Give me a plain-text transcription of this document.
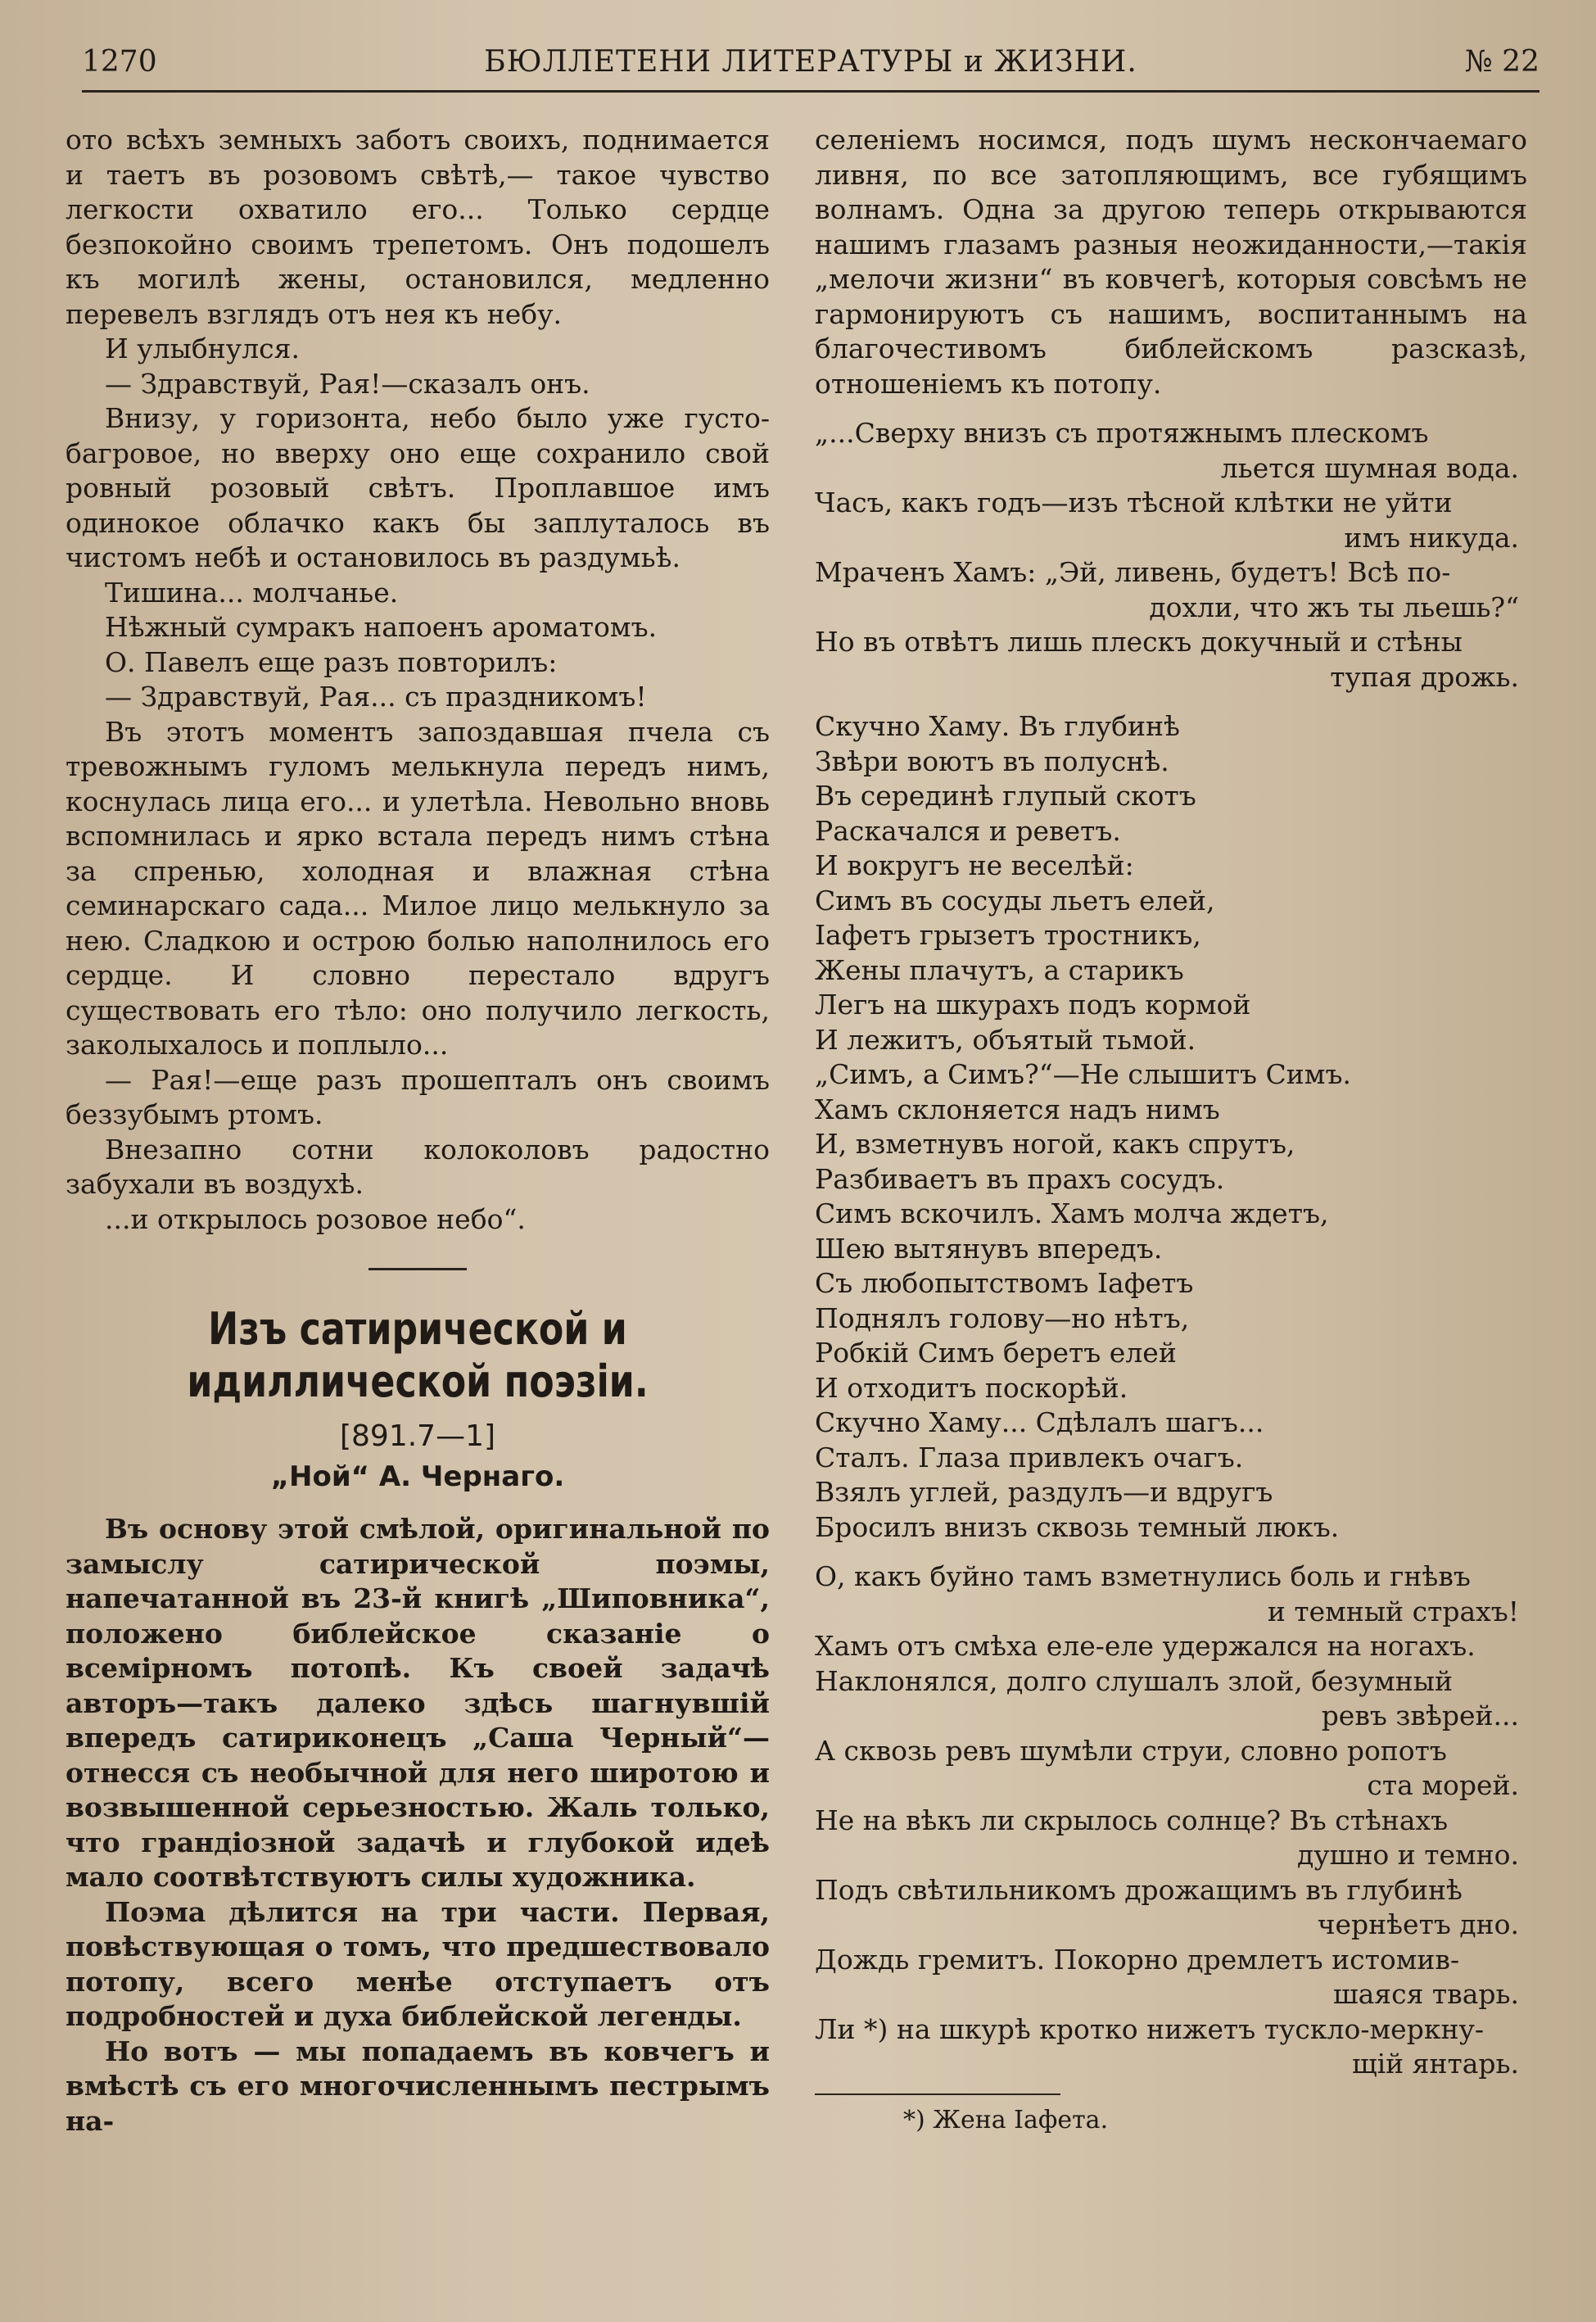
1270	БЮЛЛЕТЕНИ ЛИТЕРАТУРЫ и ЖИЗНИ.	№ 22

ото всѣхъ земныхъ заботъ своихъ, поднимается и таетъ въ розовомъ свѣтѣ,— такое чувство легкости охватило его... Только сердце безпокойно своимъ трепетомъ. Онъ подошелъ къ могилѣ жены, остановился, медленно перевелъ взглядъ отъ нея къ небу.

И улыбнулся.

— Здравствуй, Рая!—сказалъ онъ.

Внизу, у горизонта, небо было уже густо-багровое, но вверху оно еще сохранило свой ровный розовый свѣтъ. Проплавшое имъ одинокое облачко какъ бы заплуталось въ чистомъ небѣ и остановилось въ раздумьѣ.

Тишина... молчанье.

Нѣжный сумракъ напоенъ ароматомъ.

О. Павелъ еще разъ повторилъ:

— Здравствуй, Рая... съ праздникомъ!

Въ этотъ моментъ запоздавшая пчела съ тревожнымъ гуломъ мелькнула передъ нимъ, коснулась лица его... и улетѣла. Невольно вновь вспомнилась и ярко встала передъ нимъ стѣна за спренью, холодная и влажная стѣна семинарскаго сада... Милое лицо мелькнуло за нею. Сладкою и острою болью наполнилось его сердце. И словно перестало вдругъ существовать его тѣло: оно получило легкость, заколыхалось и поплыло...

— Рая!—еще разъ прошепталъ онъ своимъ беззубымъ ртомъ.

Внезапно сотни колоколовъ радостно забухали въ воздухѣ.

...и открылось розовое небо“.

Изъ сатирической и идиллической поэзіи.
[891.7—1]
„Ной“ А. Чернаго.

Въ основу этой смѣлой, оригинальной по замыслу сатирической поэмы, напечатанной въ 23-й книгѣ „Шиповника“, положено библейское сказаніе о всемірномъ потопѣ. Къ своей задачѣ авторъ—такъ далеко здѣсь шагнувшій впередъ сатириконецъ „Саша Черный“—отнесся съ необычной для него широтою и возвышенной серьезностью. Жаль только, что грандіозной задачѣ и глубокой идеѣ мало соотвѣтствуютъ силы художника.

Поэма дѣлится на три части. Первая, повѣствующая о томъ, что предшествовало потопу, всего менѣе отступаетъ отъ подробностей и духа библейской легенды.

Но вотъ — мы попадаемъ въ ковчегъ и вмѣстѣ съ его многочисленнымъ пестрымъ на-

селеніемъ носимся, подъ шумъ нескончаемаго ливня, по все затопляющимъ, все губящимъ волнамъ. Одна за другою теперь открываются нашимъ глазамъ разныя неожиданности,—такія „мелочи жизни“ въ ковчегѣ, которыя совсѣмъ не гармонируютъ съ нашимъ, воспитаннымъ на благочестивомъ библейскомъ разсказѣ, отношеніемъ къ потопу.

„...Сверху внизъ съ протяжнымъ плескомъ

льется шумная вода.

Часъ, какъ годъ—изъ тѣсной клѣтки не уйти

имъ никуда.

Мраченъ Хамъ: „Эй, ливень, будетъ! Всѣ по-

дохли, что жъ ты льешь?“

Но въ отвѣтъ лишь плескъ докучный и стѣны

тупая дрожь.

Скучно Хаму. Въ глубинѣ

Звѣри воютъ въ полуснѣ.

Въ серединѣ глупый скотъ

Раскачался и реветъ.

И вокругъ не веселѣй:

Симъ въ сосуды льетъ елей,

Іафетъ грызетъ тростникъ,

Жены плачутъ, а старикъ

Легъ на шкурахъ подъ кормой

И лежитъ, объятый тьмой.

„Симъ, а Симъ?“—Не слышитъ Симъ.

Хамъ склоняется надъ нимъ

И, взметнувъ ногой, какъ спрутъ,

Разбиваетъ въ прахъ сосудъ.

Симъ вскочилъ. Хамъ молча ждетъ,

Шею вытянувъ впередъ.

Съ любопытствомъ Іафетъ

Поднялъ голову—но нѣтъ,

Робкій Симъ беретъ елей

И отходитъ поскорѣй.

Скучно Хаму... Сдѣлалъ шагъ...

Сталъ. Глаза привлекъ очагъ.

Взялъ углей, раздулъ—и вдругъ

Бросилъ внизъ сквозь темный люкъ.

О, какъ буйно тамъ взметнулись боль и гнѣвъ

и темный страхъ!

Хамъ отъ смѣха еле-еле удержался на ногахъ.

Наклонялся, долго слушалъ злой, безумный

ревъ звѣрей...

А сквозь ревъ шумѣли струи, словно ропотъ

ста морей.

Не на вѣкъ ли скрылось солнце? Въ стѣнахъ

душно и темно.

Подъ свѣтильникомъ дрожащимъ въ глубинѣ

чернѣетъ дно.

Дождь гремитъ. Покорно дремлетъ истомив-

шаяся тварь.

Ли *) на шкурѣ кротко нижетъ тускло-меркну-

щій янтарь.

*) Жена Іафета.
